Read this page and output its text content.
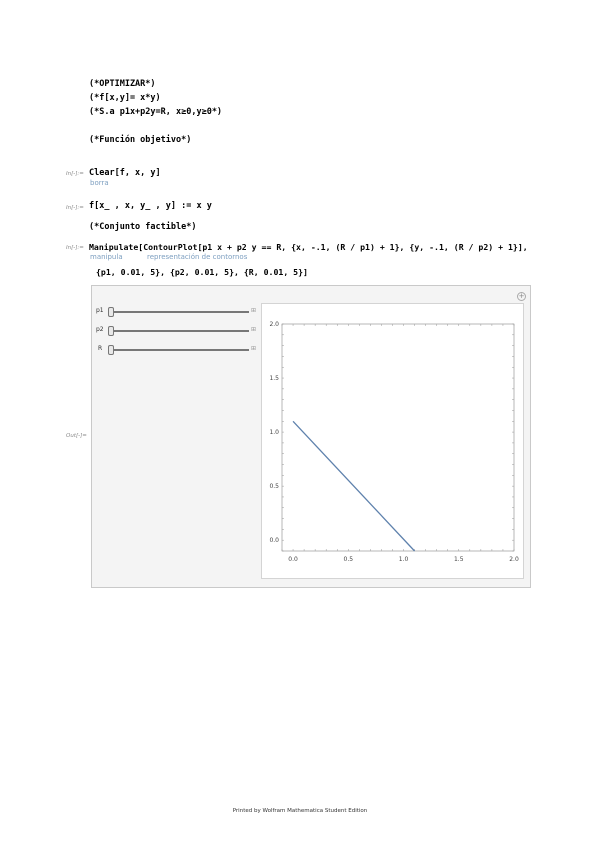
(*OPTIMIZAR*)
(*f[x,y]= x*y)
(*S.a p1x+p2y=R, x≥0,y≥0*)
(*Función objetivo*)
In[-]:= Clear[f, x, y]
borra
In[-]:= f[x_ , x, y_ , y] := x y
(*Conjunto factible*)
In[-]:= Manipulate[ContourPlot[p1 x + p2 y == R, {x, -.1, (R / p1) + 1}, {y, -.1, (R / p2) + 1}],
manipula	representación de contornos
{p1, 0.01, 5}, {p2, 0.01, 5}, {R, 0.01, 5}]
Out[-]=
+
p1	⊞
p2	⊞
R	⊞
0.0	0.5	1.0	1.5	2.0
0.0
0.5
1.0
1.5
2.0
Printed by Wolfram Mathematica Student Edition
